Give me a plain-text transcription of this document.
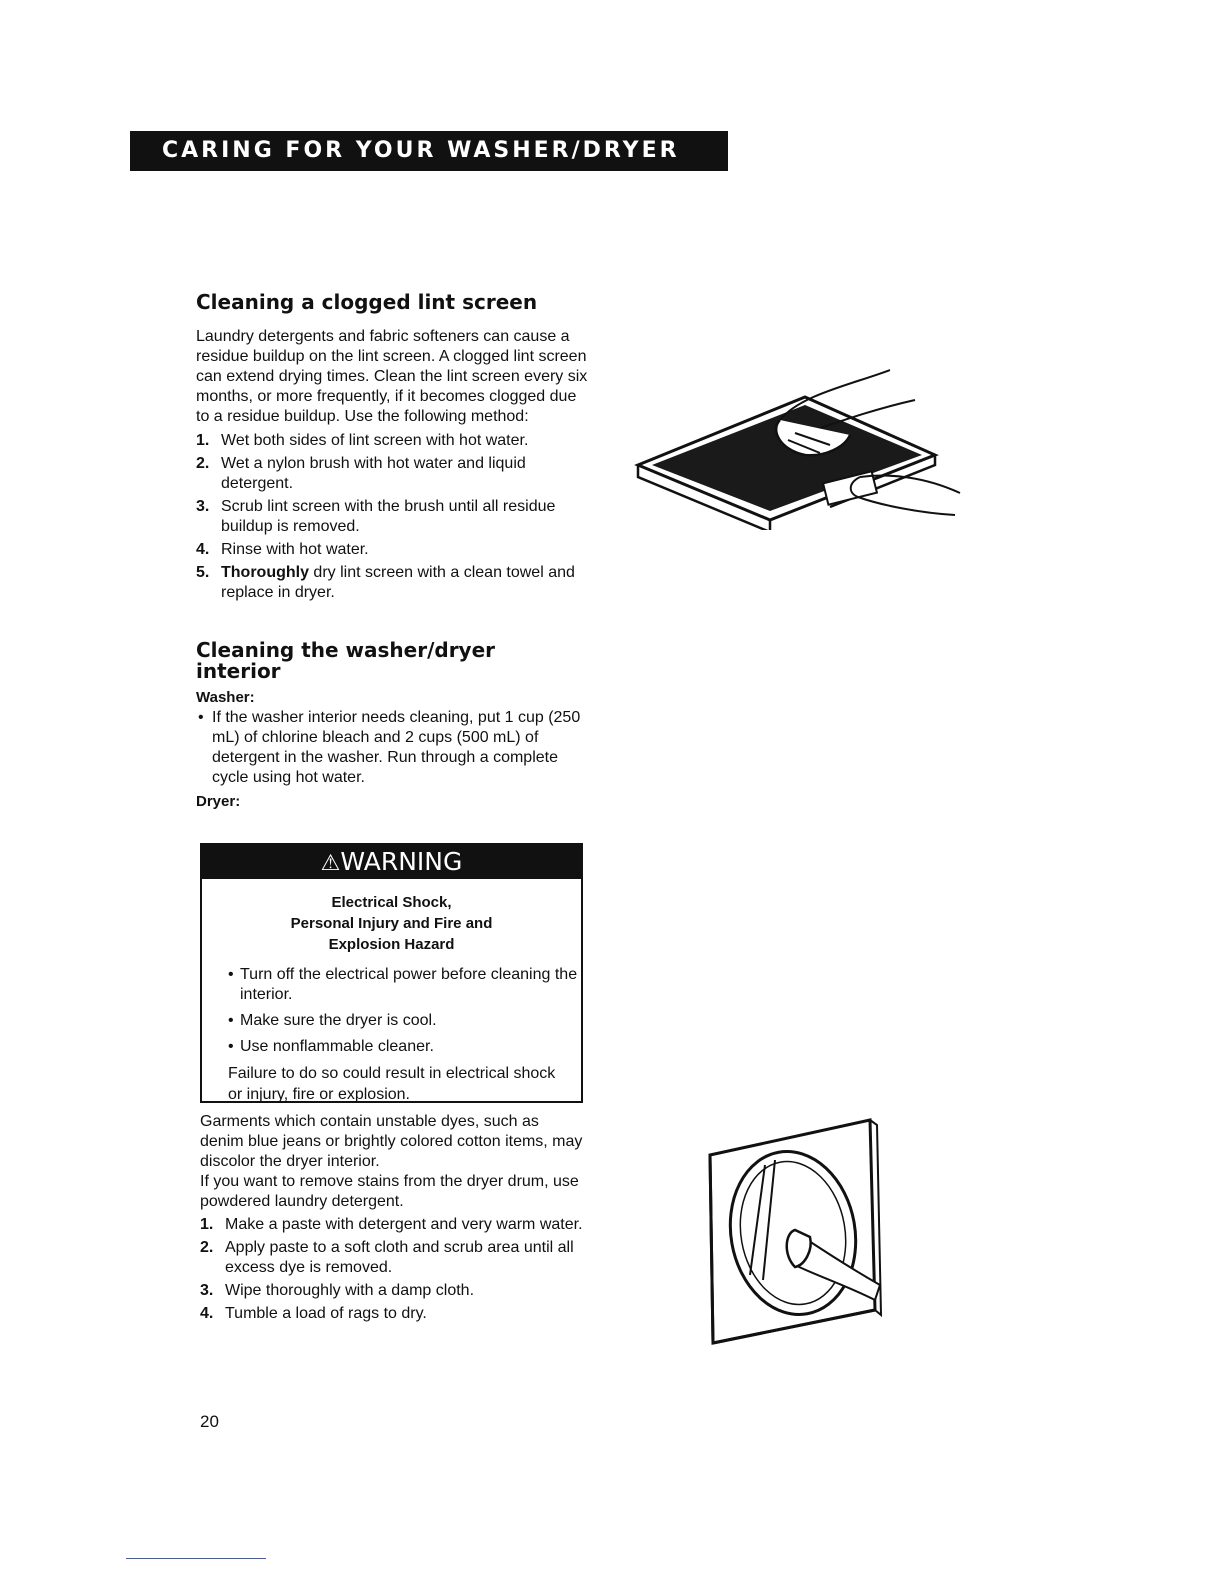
CARING FOR YOUR WASHER/DRYER
Cleaning a clogged lint screen

Laundry detergents and fabric softeners can cause a residue buildup on the lint screen. A clogged lint screen can extend drying times. Clean the lint screen every six months, or more frequently, if it becomes clogged due to a residue buildup. Use the following method:

1. Wet both sides of lint screen with hot water.
2. Wet a nylon brush with hot water and liquid detergent.
3. Scrub lint screen with the brush until all residue buildup is removed.
4. Rinse with hot water.
5. Thoroughly dry lint screen with a clean towel and replace in dryer.
Cleaning the washer/dryer interior
Washer:
• If the washer interior needs cleaning, put 1 cup (250 mL) of chlorine bleach and 2 cups (500 mL) of detergent in the washer. Run through a complete cycle using hot water.
Dryer:
⚠WARNING
Electrical Shock,
Personal Injury and Fire and
Explosion Hazard
• Turn off the electrical power before cleaning the interior.
• Make sure the dryer is cool.
• Use nonflammable cleaner.
Failure to do so could result in electrical shock or injury, fire or explosion.

Garments which contain unstable dyes, such as denim blue jeans or brightly colored cotton items, may discolor the dryer interior.

If you want to remove stains from the dryer drum, use powdered laundry detergent.

1. Make a paste with detergent and very warm water.
2. Apply paste to a soft cloth and scrub area until all excess dye is removed.
3. Wipe thoroughly with a damp cloth.
4. Tumble a load of rags to dry.
20
